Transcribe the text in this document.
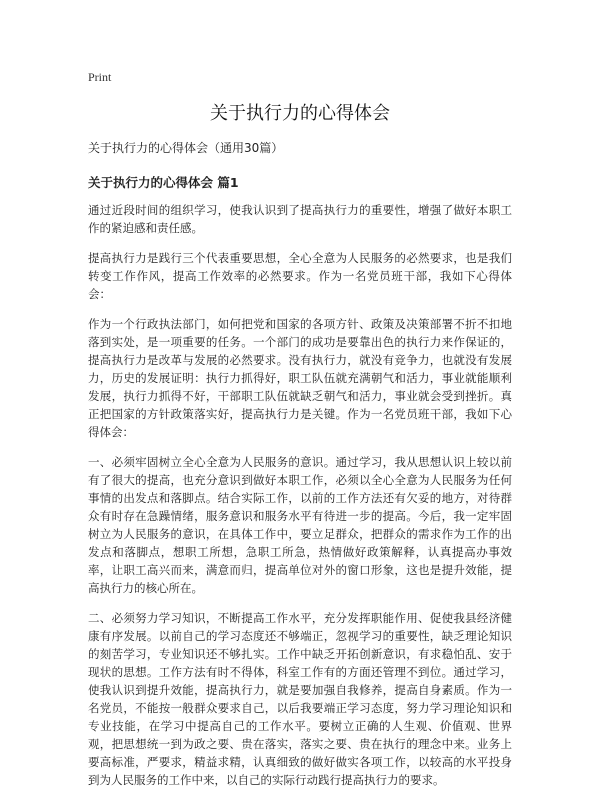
Print
关于执行力的心得体会
关于执行力的心得体会（通用30篇）
关于执行力的心得体会 篇1

通过近段时间的组织学习，使我认识到了提高执行力的重要性，增强了做好本职工作的紧迫感和责任感。

提高执行力是践行三个代表重要思想，全心全意为人民服务的必然要求，也是我们转变工作作风，提高工作效率的必然要求。作为一名党员班干部，我如下心得体会：

作为一个行政执法部门，如何把党和国家的各项方针、政策及决策部署不折不扣地落到实处，是一项重要的任务。一个部门的成功是要靠出色的执行力来作保证的，提高执行力是改革与发展的必然要求。没有执行力，就没有竞争力，也就没有发展力，历史的发展证明：执行力抓得好，职工队伍就充满朝气和活力，事业就能顺利发展，执行力抓得不好，干部职工队伍就缺乏朝气和活力，事业就会受到挫折。真正把国家的方针政策落实好，提高执行力是关键。作为一名党员班干部，我如下心得体会：

一、必须牢固树立全心全意为人民服务的意识。通过学习，我从思想认识上较以前有了很大的提高，也充分意识到做好本职工作，必须以全心全意为人民服务为任何事情的出发点和落脚点。结合实际工作，以前的工作方法还有欠妥的地方，对待群众有时存在急躁情绪，服务意识和服务水平有待进一步的提高。今后，我一定牢固树立为人民服务的意识，在具体工作中，要立足群众，把群众的需求作为工作的出发点和落脚点，想职工所想，急职工所急，热情做好政策解释，认真提高办事效率，让职工高兴而来，满意而归，提高单位对外的窗口形象，这也是提升效能，提高执行力的核心所在。

二、必须努力学习知识，不断提高工作水平，充分发挥职能作用、促使我县经济健康有序发展。以前自己的学习态度还不够端正，忽视学习的重要性，缺乏理论知识的刻苦学习，专业知识还不够扎实。工作中缺乏开拓创新意识，有求稳怕乱、安于现状的思想。工作方法有时不得体，科室工作有的方面还管理不到位。通过学习，使我认识到提升效能，提高执行力，就是要加强自我修养，提高自身素质。作为一名党员，不能按一般群众要求自己，以后我要端正学习态度，努力学习理论知识和专业技能，在学习中提高自己的工作水平。要树立正确的人生观、价值观、世界观，把思想统一到为政之要、贵在落实，落实之要、贵在执行的理念中来。业务上要高标准，严要求，精益求精，认真细致的做好做实各项工作，以较高的水平投身到为人民服务的工作中来，以自己的实际行动践行提高执行力的要求。
